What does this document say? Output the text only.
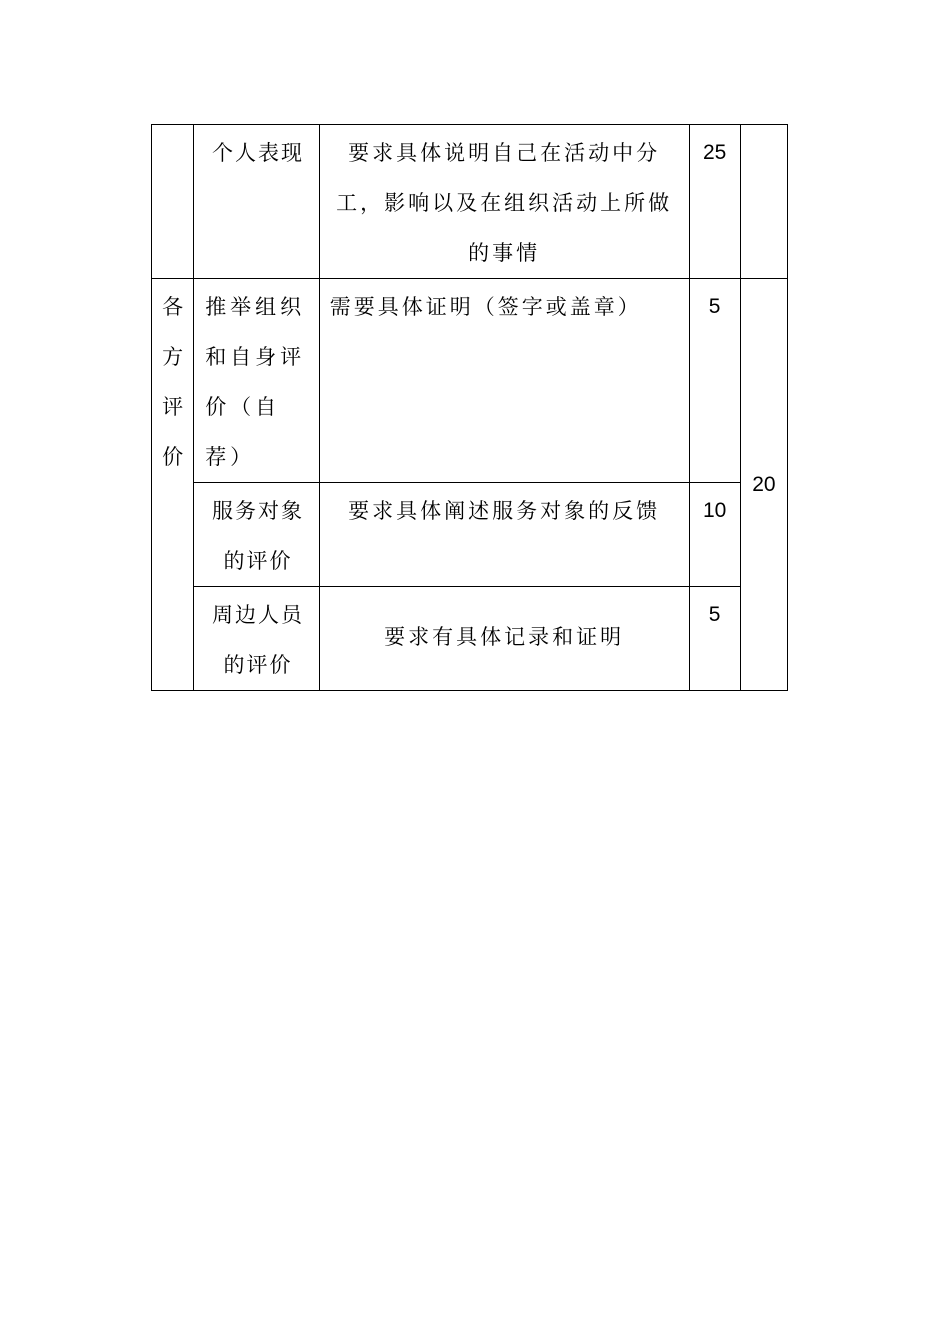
	个人表现	要求具体说明自己在活动中分工，影响以及在组织活动上所做的事情	25	

各
方
评
价	推举组织和自身评价（自荐）	需要具体证明（签字或盖章）	5	20

	服务对象的评价	要求具体阐述服务对象的反馈	10	

	周边人员的评价	要求有具体记录和证明	5	
